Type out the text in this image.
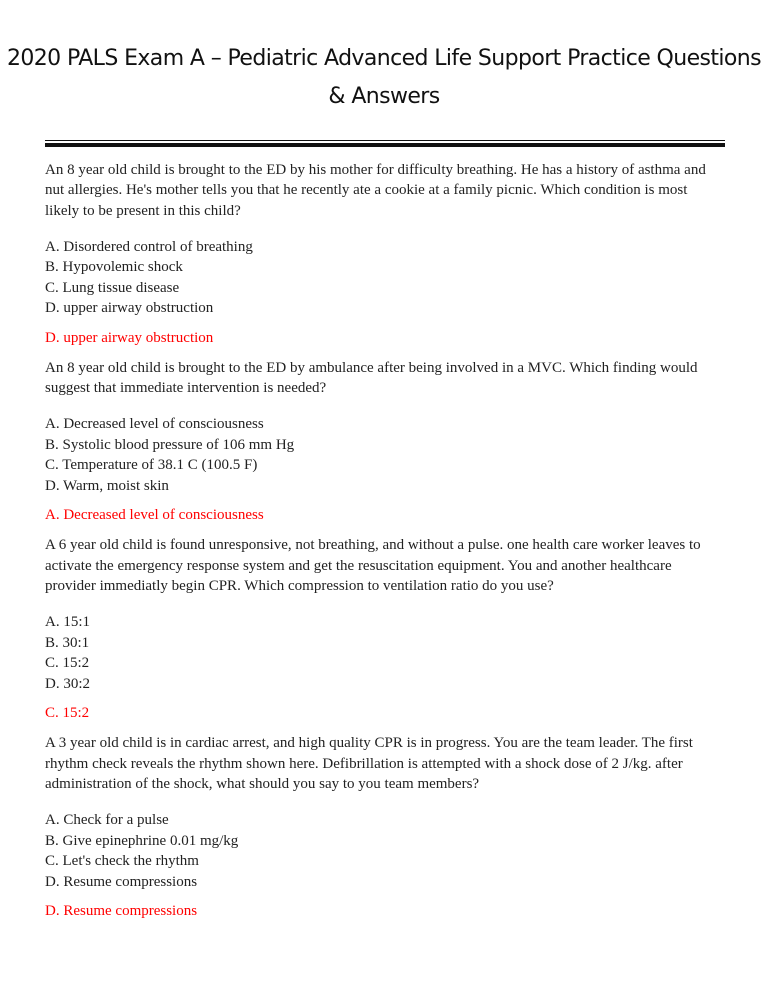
2020 PALS Exam A – Pediatric Advanced Life Support Practice Questions & Answers

An 8 year old child is brought to the ED by his mother for difficulty breathing. He has a history of asthma and nut allergies. He's mother tells you that he recently ate a cookie at a family picnic. Which condition is most likely to be present in this child?

A. Disordered control of breathing
B. Hypovolemic shock
C. Lung tissue disease
D. upper airway obstruction
D. upper airway obstruction

An 8 year old child is brought to the ED by ambulance after being involved in a MVC. Which finding would suggest that immediate intervention is needed?

A. Decreased level of consciousness
B. Systolic blood pressure of 106 mm Hg
C. Temperature of 38.1 C (100.5 F)
D. Warm, moist skin
A. Decreased level of consciousness

A 6 year old child is found unresponsive, not breathing, and without a pulse. one health care worker leaves to activate the emergency response system and get the resuscitation equipment. You and another healthcare provider immediatly begin CPR. Which compression to ventilation ratio do you use?

A. 15:1
B. 30:1
C. 15:2
D. 30:2
C. 15:2

A 3 year old child is in cardiac arrest, and high quality CPR is in progress. You are the team leader. The first rhythm check reveals the rhythm shown here. Defibrillation is attempted with a shock dose of 2 J/kg. after administration of the shock, what should you say to you team members?

A. Check for a pulse
B. Give epinephrine 0.01 mg/kg
C. Let's check the rhythm
D. Resume compressions
D. Resume compressions
